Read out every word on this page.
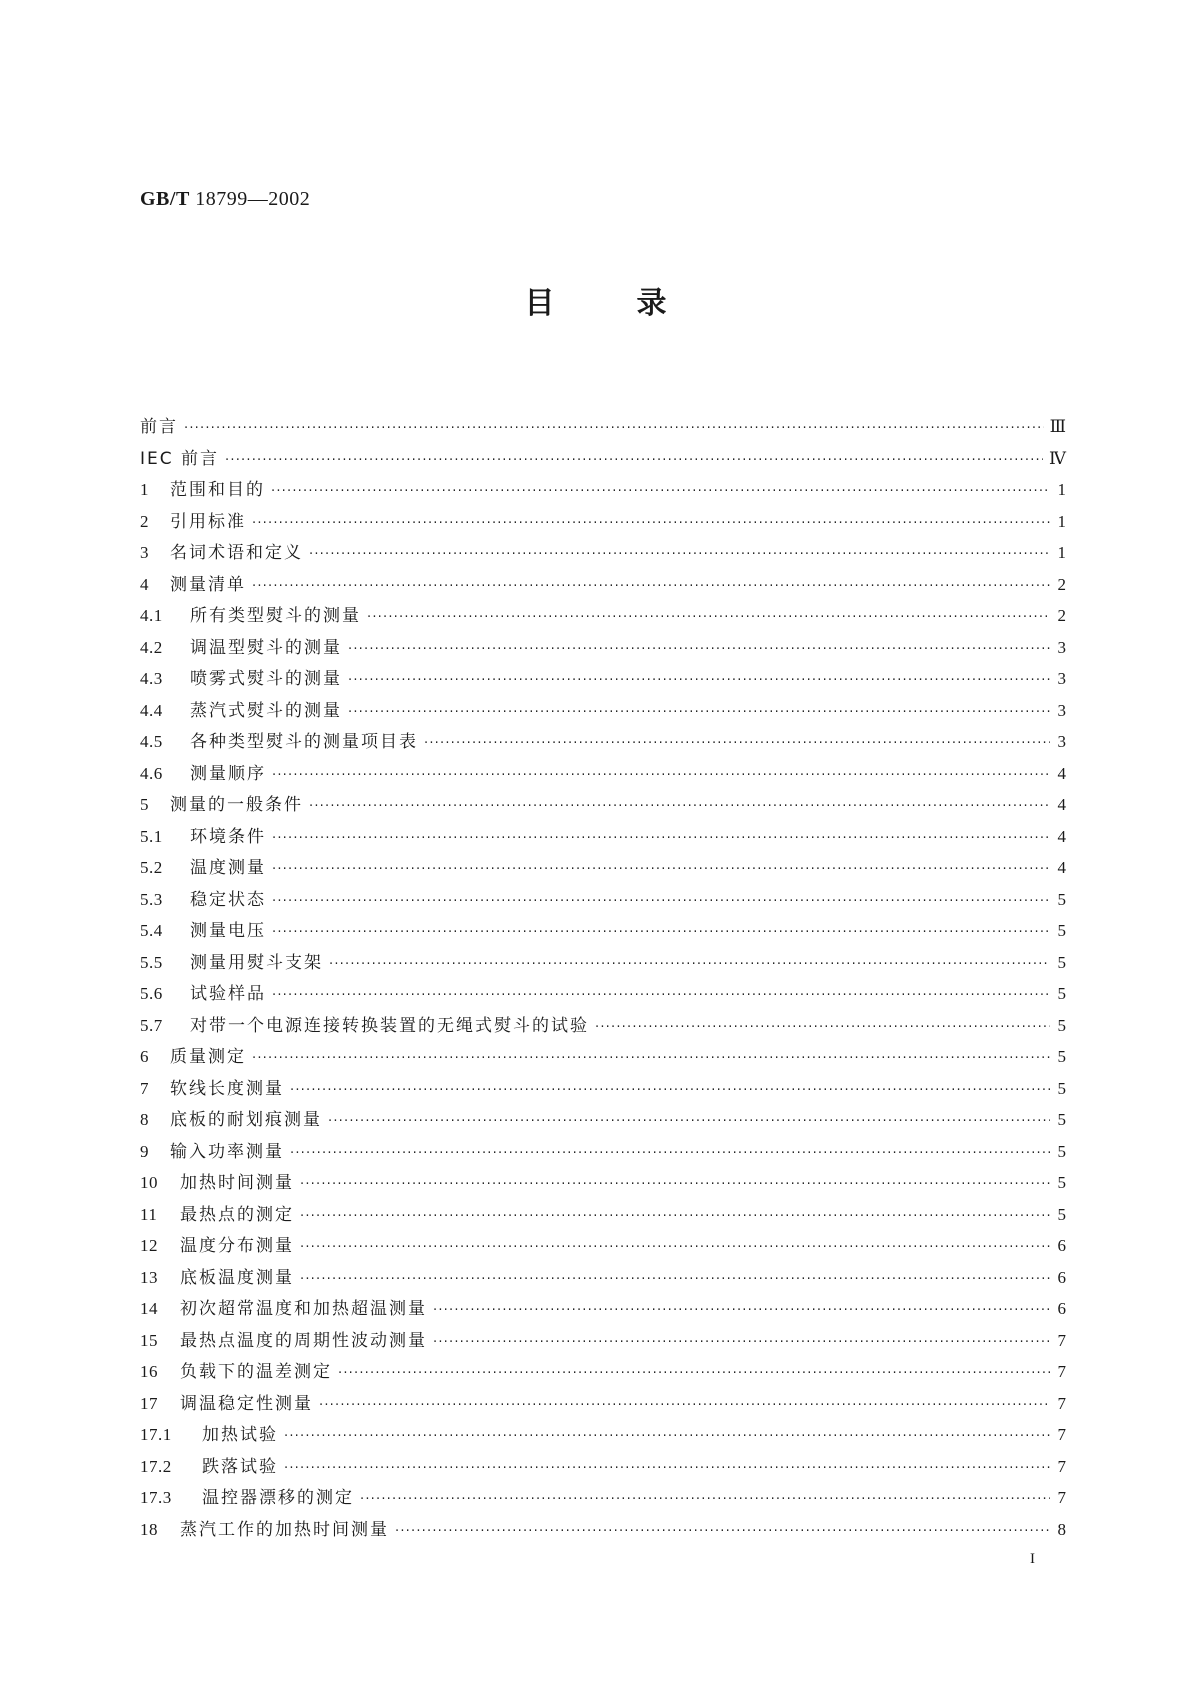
GB/T 18799—2002
目	录
前言 ·····	Ⅲ
IEC 前言 ·····	Ⅳ
1	范围和目的 ·····	1
2	引用标准 ·····	1
3	名词术语和定义 ·····	1
4	测量清单 ·····	2
4.1	所有类型熨斗的测量 ·····	2
4.2	调温型熨斗的测量 ·····	3
4.3	喷雾式熨斗的测量 ·····	3
4.4	蒸汽式熨斗的测量 ·····	3
4.5	各种类型熨斗的测量项目表 ·····	3
4.6	测量顺序 ·····	4
5	测量的一般条件 ·····	4
5.1	环境条件 ·····	4
5.2	温度测量 ·····	4
5.3	稳定状态 ·····	5
5.4	测量电压 ·····	5
5.5	测量用熨斗支架 ·····	5
5.6	试验样品 ·····	5
5.7	对带一个电源连接转换装置的无绳式熨斗的试验 ·····	5
6	质量测定 ·····	5
7	软线长度测量 ·····	5
8	底板的耐划痕测量 ·····	5
9	输入功率测量 ·····	5
10	加热时间测量 ·····	5
11	最热点的测定 ·····	5
12	温度分布测量 ·····	6
13	底板温度测量 ·····	6
14	初次超常温度和加热超温测量 ·····	6
15	最热点温度的周期性波动测量 ·····	7
16	负载下的温差测定 ·····	7
17	调温稳定性测量 ·····	7
17.1	加热试验 ·····	7
17.2	跌落试验 ·····	7
17.3	温控器漂移的测定 ·····	7
18	蒸汽工作的加热时间测量 ·····	8
I
